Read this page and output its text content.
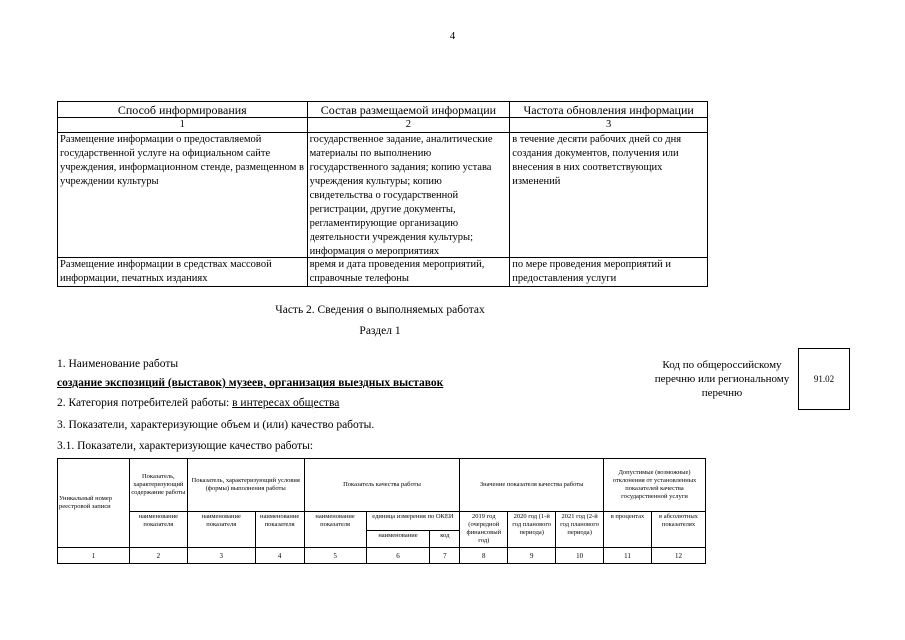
4
Способ информирования	Состав размещаемой информации	Частота обновления информации
1	2	3

Размещение информации о предоставляемой государственной услуге на официальном сайте учреждения, информационном стенде, размещенном в учреждении культуры	государственное задание, аналитические материалы по выполнению государственного задания; копию устава учреждения культуры; копию свидетельства о государственной регистрации, другие документы, регламентирующие организацию деятельности учреждения культуры; информация о мероприятиях	в течение десяти рабочих дней со дня создания документов, получения или внесения в них соответствующих изменений

Размещение информации в средствах массовой информации, печатных изданиях	время и дата проведения мероприятий, справочные телефоны	по мере проведения мероприятий и предоставления услуги
Часть 2. Сведения о выполняемых работах
Раздел 1
1. Наименование работы
создание экспозиций (выставок) музеев, организация выездных выставок
2. Категория потребителей работы: в интересах общества
3. Показатели, характеризующие объем и (или) качество работы.
3.1. Показатели, характеризующие качество работы:
Код по общероссийскому перечню или региональному перечню
91.02
Уникальный номер реестровой записи	Показатель, характеризующий содержание работы	Показатель, характеризующий условия (формы) выполнения работы		Показатель качества работы			Значение показателя качества работы			Допустимые (возможные) отклонения от установленных показателей качества государственной услуги	
	наименование показателя	наименование показателя	наименование показателя	наименование показателя	единица измерения по ОКЕИ		2019 год (очередной финансовый год)	2020 год (1-й год планового периода)	2021 год (2-й год планового периода)	в процентах	в абсолютных показателях
					наименование	код					
1	2	3	4	5	6	7	8	9	10	11	12
